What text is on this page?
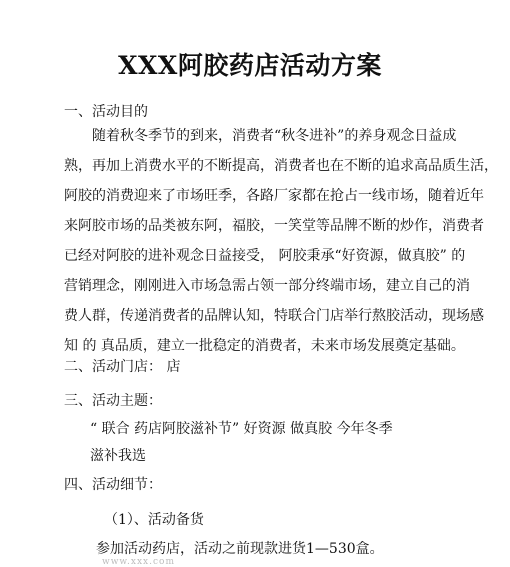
XXX阿胶药店活动方案
一、活动目的
随着秋冬季节的到来，消费者“秋冬进补”的养身观念日益成
熟，再加上消费水平的不断提高，消费者也在不断的追求高品质生活，
阿胶的消费迎来了市场旺季，各路厂家都在抢占一线市场，随着近年
来阿胶市场的品类被东阿，福胶，一笑堂等品牌不断的炒作，消费者
已经对阿胶的进补观念日益接受， 阿胶秉承“好资源，做真胶” 的
营销理念，刚刚进入市场急需占领一部分终端市场，建立自己的消
费人群，传递消费者的品牌认知，特联合门店举行熬胶活动，现场感
知 的 真品质，建立一批稳定的消费者，未来市场发展奠定基础。
二、活动门店： 店
三、活动主题：
“ 联合 药店阿胶滋补节” 好资源 做真胶 今年冬季
滋补我选
四、活动细节：
（1）、活动备货
参加活动药店，活动之前现款进货1—530盒。
www.xxx.com
